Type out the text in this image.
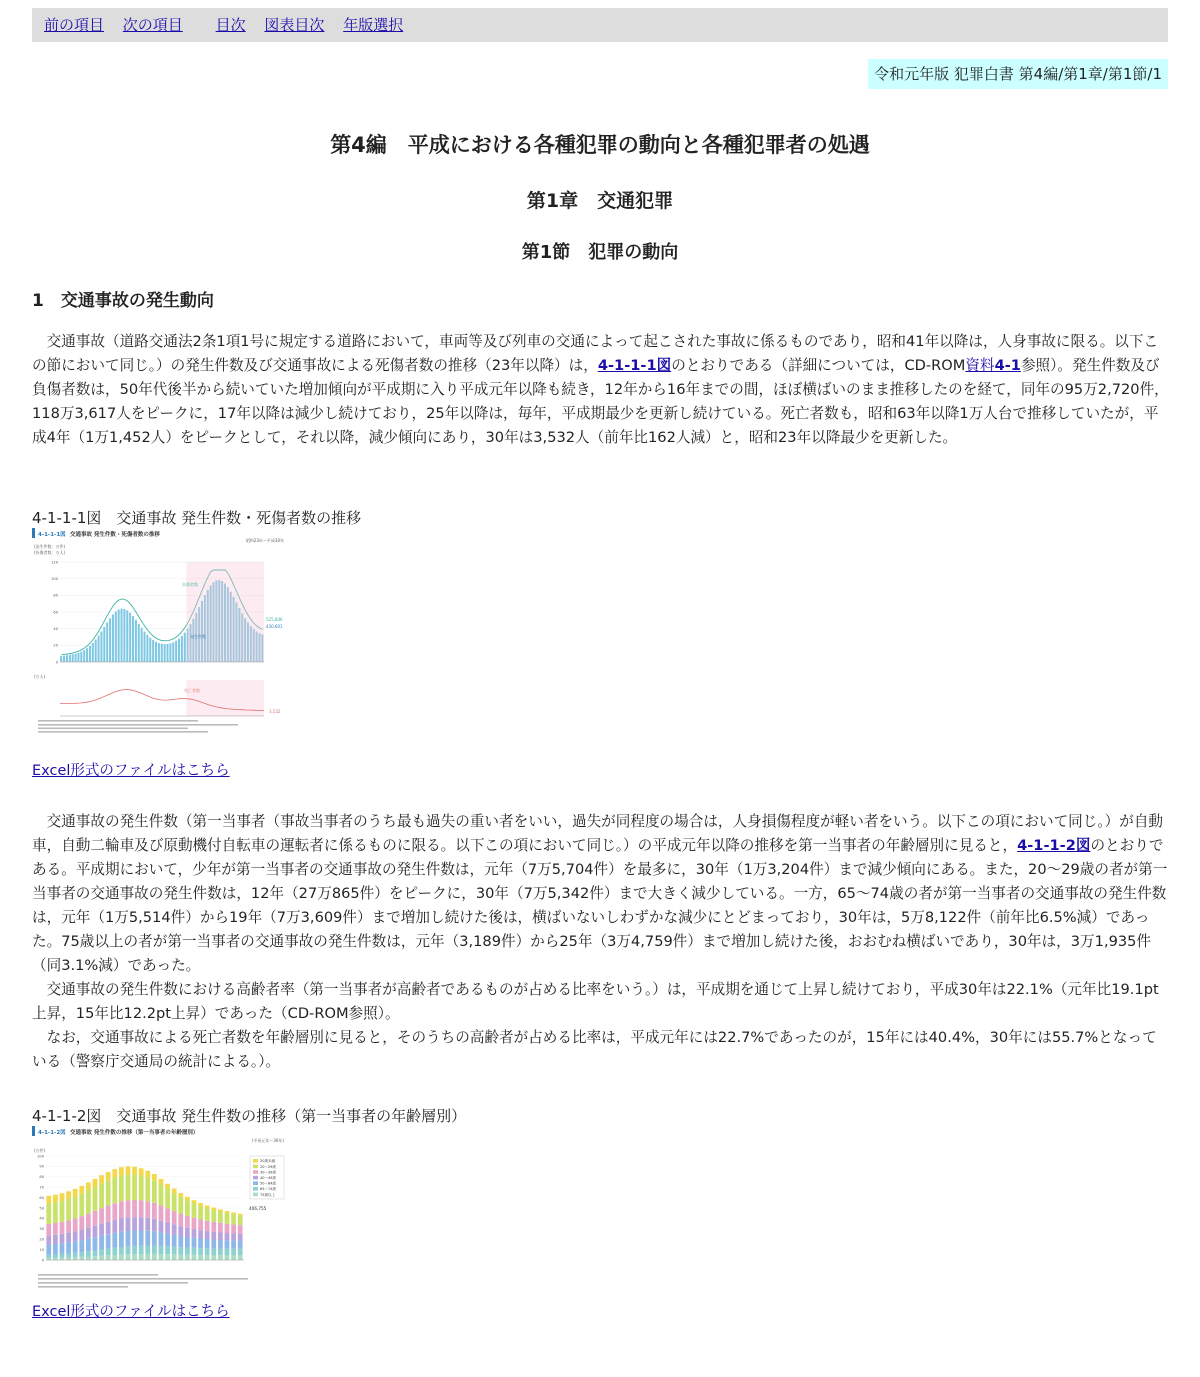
前の項目 次の項目 目次 図表目次 年版選択
令和元年版 犯罪白書 第4編/第1章/第1節/1
第4編　平成における各種犯罪の動向と各種犯罪者の処遇
第1章　交通犯罪
第1節　犯罪の動向
1　交通事故の発生動向

交通事故（道路交通法2条1項1号に規定する道路において，車両等及び列車の交通によって起こされた事故に係るものであり，昭和41年以降は，人身事故に限る。以下この節において同じ。）の発生件数及び交通事故による死傷者数の推移（23年以降）は，4-1-1-1図のとおりである（詳細については，CD-ROM資料4-1参照）。発生件数及び負傷者数は，50年代後半から続いていた増加傾向が平成期に入り平成元年以降も続き，12年から16年までの間，ほぼ横ばいのまま推移したのを経て，同年の95万2,720件，118万3,617人をピークに，17年以降は減少し続けており，25年以降は，毎年，平成期最少を更新し続けている。死亡者数も，昭和63年以降1万人台で推移していたが，平成4年（1万1,452人）をピークとして，それ以降，減少傾向にあり，30年は3,532人（前年比162人減）と，昭和23年以降最少を更新した。

4-1-1-1図　交通事故 発生件数・死傷者数の推移
4-1-1-1図 交通事故 発生件数・死傷者数の推移
昭和23年〜平成30年
(発生件数：万件)
(負傷者数：万人)
0
20
40
60
80
100
120
負傷者数
発生件数
525,846
430,601
(万人)
死亡者数
3,532
Excel形式のファイルはこちら

交通事故の発生件数（第一当事者（事故当事者のうち最も過失の重い者をいい，過失が同程度の場合は，人身損傷程度が軽い者をいう。以下この項において同じ。）が自動車，自動二輪車及び原動機付自転車の運転者に係るものに限る。以下この項において同じ。）の平成元年以降の推移を第一当事者の年齢層別に見ると，4-1-1-2図のとおりである。平成期において，少年が第一当事者の交通事故の発生件数は，元年（7万5,704件）を最多に，30年（1万3,204件）まで減少傾向にある。また，20〜29歳の者が第一当事者の交通事故の発生件数は，12年（27万865件）をピークに，30年（7万5,342件）まで大きく減少している。一方，65〜74歳の者が第一当事者の交通事故の発生件数は，元年（1万5,514件）から19年（7万3,609件）まで増加し続けた後は，横ばいないしわずかな減少にとどまっており，30年は，5万8,122件（前年比6.5%減）であった。75歳以上の者が第一当事者の交通事故の発生件数は，元年（3,189件）から25年（3万4,759件）まで増加し続けた後，おおむね横ばいであり，30年は，3万1,935件（同3.1%減）であった。

交通事故の発生件数における高齢者率（第一当事者が高齢者であるものが占める比率をいう。）は，平成期を通じて上昇し続けており，平成30年は22.1%（元年比19.1pt上昇，15年比12.2pt上昇）であった（CD-ROM参照）。

なお，交通事故による死亡者数を年齢層別に見ると，そのうちの高齢者が占める比率は，平成元年には22.7%であったのが，15年には40.4%，30年には55.7%となっている（警察庁交通局の統計による。）。

4-1-1-2図　交通事故 発生件数の推移（第一当事者の年齢層別）
4-1-1-2図 交通事故 発生件数の推移（第一当事者の年齢層別）
(平成元年〜30年)
(万件)
0
10
20
30
40
50
60
70
80
90
100
20歳未満
20〜29歳
30〜39歳
40〜49歳
50〜64歳
65〜74歳
75歳以上
406,755
Excel形式のファイルはこちら
